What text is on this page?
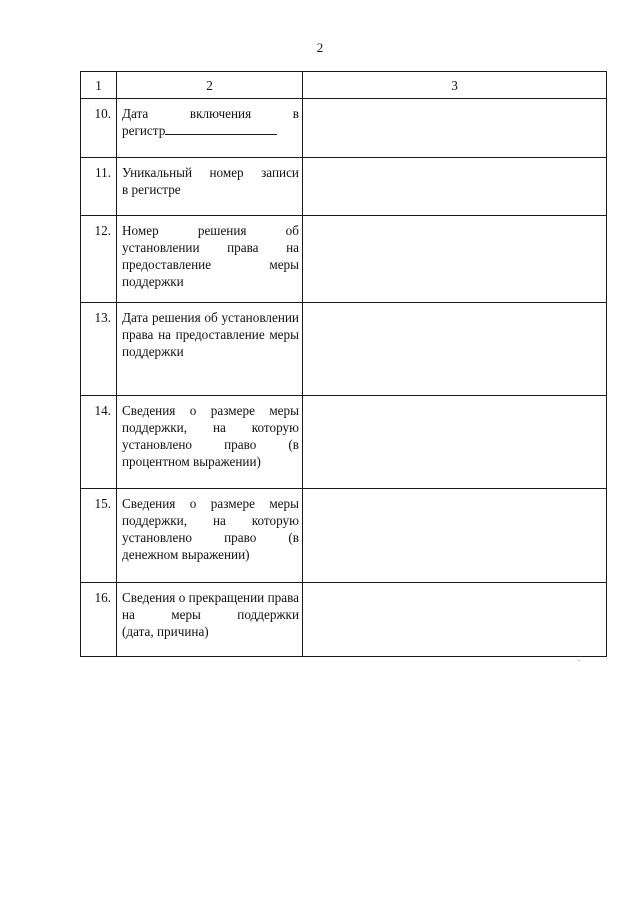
2
1	2	3
10.	Дата включения в
регистр	

11.	Уникальный номер записи
в регистре	

12.	Номер решения об установлении права на предоставление меры
поддержки	

13.	Дата решения об установлении права на предоставление меры
поддержки	

14.	Сведения о размере меры поддержки, на которую установлено право (в
процентном выражении)	

15.	Сведения о размере меры поддержки, на которую установлено право (в
денежном выражении)	

16.	Сведения о прекращении права на меры поддержки
(дата, причина)	
